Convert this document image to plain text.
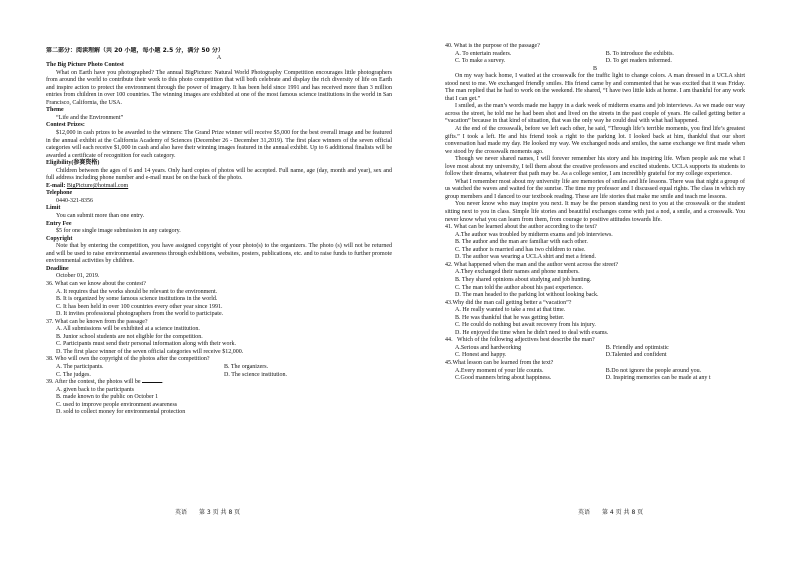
第二部分：阅读理解（共 20 小题，每小题 2.5 分，满分 50 分）

A

The Big Picture Photo Contest

What on Earth have you photographed? The annual BigPicture: Natural World Photography Competition encourages little photographers from around the world to contribute their work to this photo competition that will both celebrate and display the rich diversity of life on Earth and inspire action to protect the environment through the power of imagery. It has been held since 1991 and has received more than 3 million entries from children in over 100 countries. The winning images are exhibited at one of the most famous science institutions in the world in San Francisco, California, the USA.

Theme

“Life and the Environment”

Contest Prizes:

$12,000 in cash prizes to be awarded to the winners: The Grand Prize winner will receive $5,000 for the best overall image and be featured in the annual exhibit at the California Academy of Sciences (December 26 - December 31,2019). The first place winners of the seven official categories will each receive $1,000 in cash and also have their winning images featured in the annual exhibit. Up to 6 additional finalists will be awarded a certificate of recognition for each category.

Eligibility(参赛资格)

Children between the ages of 6 and 14 years. Only hard copies of photos will be accepted. Full name, age (day, month and year), sex and full address including phone number and e-mail must be on the back of the photo.

E-mail: BigPicture@hotmail.com

Telephone

0440-321-8356

Limit

You can submit more than one entry.

Entry Fee

$5 for one single image submission in any category.

Copyright

Note that by entering the competition, you have assigned copyright of your photo(s) to the organizers. The photo (s) will not be returned and will be used to raise environmental awareness through exhibitions, websites, posters, publications, etc. and to raise funds to further promote environmental activities by children.

Deadline

October 01, 2019.

36. What can we know about the contest?

A. It requires that the works should be relevant to the environment.

B. It is organized by some famous science institutions in the world.

C. It has been held in over 100 countries every other year since 1991.

D. It invites professional photographers from the world to participate.

37. What can be known from the passage?

A. All submissions will be exhibited at a science institution.

B. Junior school students are not eligible for the competition.

C. Participants must send their personal information along with their work.

D. The first place winner of the seven official categories will receive $12,000.

38. Who will own the copyright of the photos after the competition?

A. The participants.	B. The organizers.
C. The judges.	D. The science institution.

39. After the contest, the photos will be	.

A. given back to the participants

B. made known to the public on October 1

C. used to improve people environment awareness

D. sold to collect money for environmental protection

英语　　第 3 页 共 8 页

40. What is the purpose of the passage?

A. To entertain readers.	B. To introduce the exhibits.
C. To make a survey.	D. To get readers informed.

B

On my way back home, I waited at the crosswalk for the traffic light to change colors. A man dressed in a UCLA shirt stood next to me. We exchanged friendly smiles. His friend came by and commented that he was excited that it was Friday. The man replied that he had to work on the weekend. He shared, “I have two little kids at home. I am thankful for any work that I can get.”

I smiled, as the man’s words made me happy in a dark week of midterm exams and job interviews. As we made our way across the street, he told me he had been shot and lived on the streets in the past couple of years. He called getting better a “vacation” because in that kind of situation, that was the only way he could deal with what had happened.

At the end of the crosswalk, before we left each other, he said, “Through life’s terrible moments, you find life’s greatest gifts.” I took a left. He and his friend took a right to the parking lot. I looked back at him, thankful that our short conversation had made my day. He looked my way. We exchanged nods and smiles, the same exchange we first made when we stood by the crosswalk moments ago.

Though we never shared names, I will forever remember his story and his inspiring life. When people ask me what I love most about my university, I tell them about the creative professors and excited students. UCLA supports its students to follow their dreams, whatever that path may be. As a college senior, I am incredibly grateful for my college experience.

What I remember most about my university life are memories of smiles and life lessons. There was that night a group of us watched the waves and waited for the sunrise. The time my professor and I discussed equal rights. The class in which my group members and I danced to our textbook reading. These are life stories that make me smile and teach me lessons.

You never know who may inspire you next. It may be the person standing next to you at the crosswalk or the student sitting next to you in class. Simple life stories and beautiful exchanges come with just a nod, a smile, and a crosswalk. You never know what you can learn from them, from courage to positive attitudes towards life.

41. What can be learned about the author according to the text?

A.The author was troubled by midterm exams and job interviews.

B. The author and the man are familiar with each other.

C. The author is married and has two children to raise.

D. The author was wearing a UCLA shirt and met a friend.

42. What happened when the man and the author went across the street?

A.They exchanged their names and phone numbers.

B. They shared opinions about studying and job hunting.

C. The man told the author about his past experience.

D. The man headed to the parking lot without looking back.

43.Why did the man call getting better a “vacation”?

A. He really wanted to take a rest at that time.

B. He was thankful that he was getting better.

C. He could do nothing but await recovery from his injury.

D. He enjoyed the time when he didn't need to deal with exams.

44．Which of the following adjectives best describe the man?

A.Serious and hardworking	B. Friendly and optimistic
C. Honest and happy.	D.Talented and confident

45.What lesson can be learned from the text?

A.Every moment of your life counts.	B.Do not ignore the people around you.
C.Good manners bring about happiness.	D. Inspiring memories can be made at any t
英语　　第 4 页 共 8 页
